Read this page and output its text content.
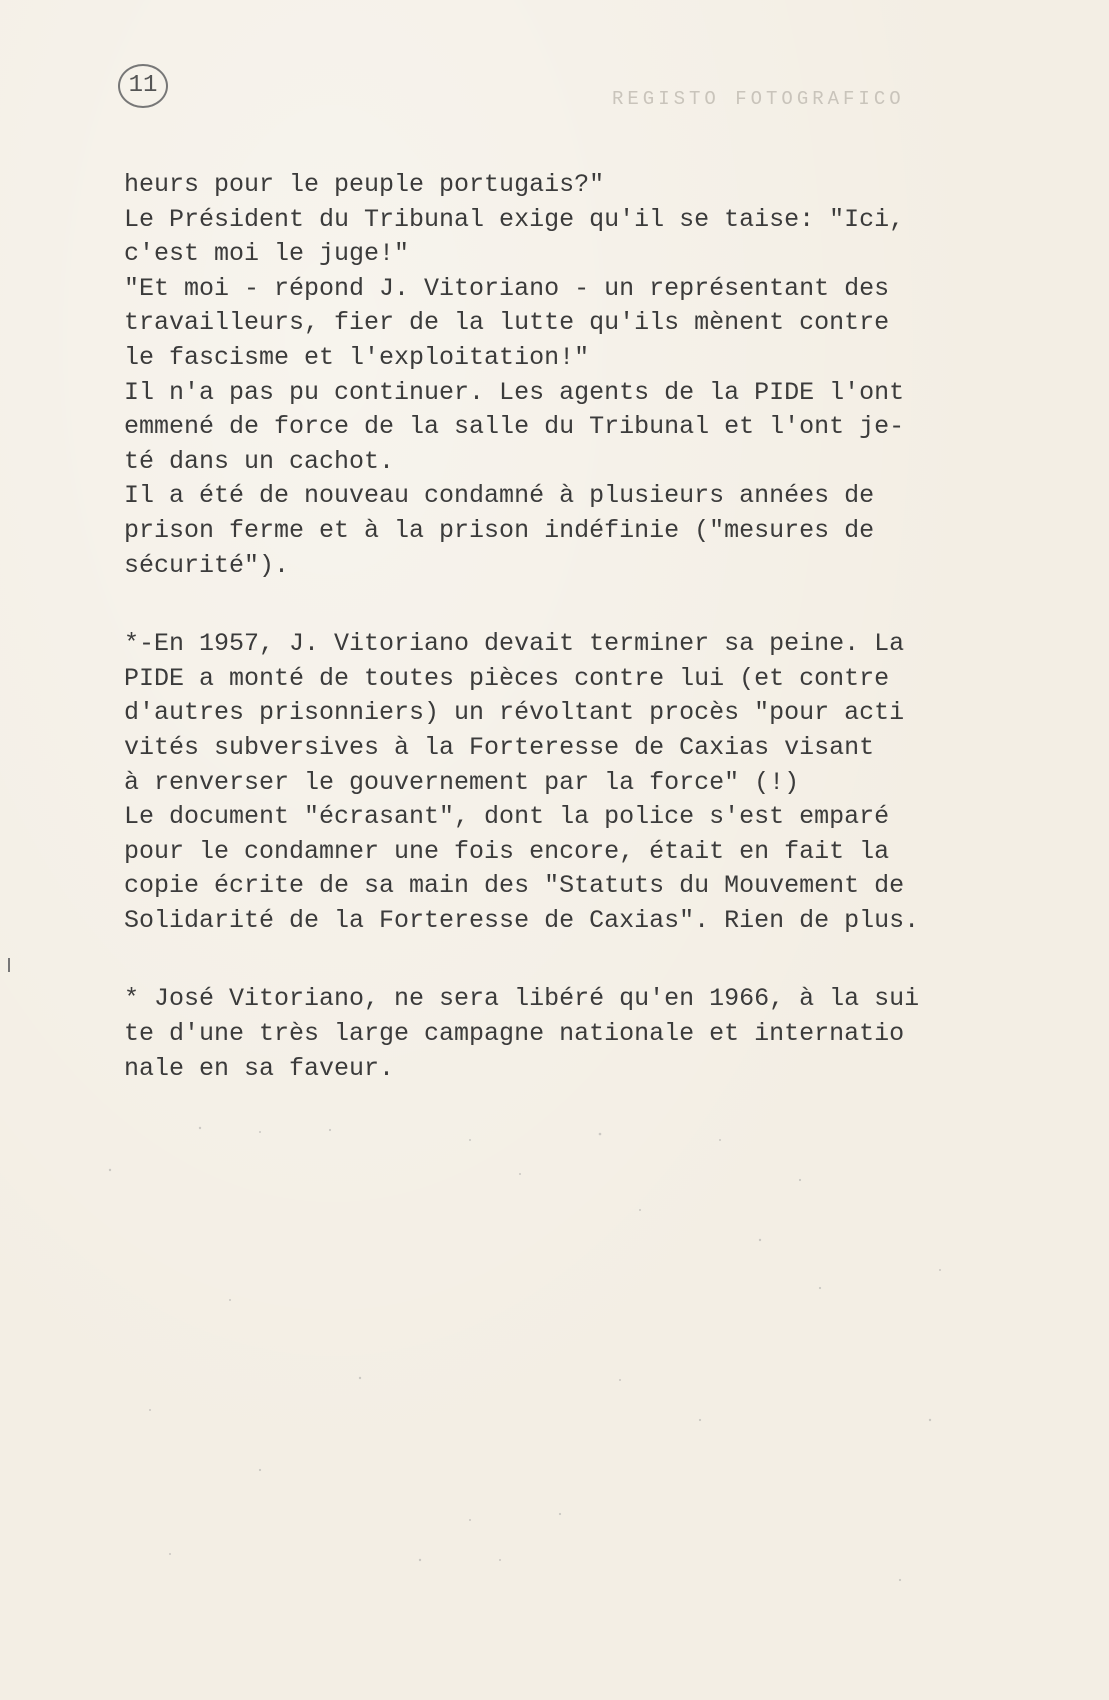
11	REGISTO FOTOGRAFICO
heurs pour le peuple portugais?"
Le Président du Tribunal exige qu'il se taise: "Ici,
c'est moi le juge!"
"Et moi - répond J. Vitoriano - un représentant des
travailleurs, fier de la lutte qu'ils mènent contre
le fascisme et l'exploitation!"
Il n'a pas pu continuer. Les agents de la PIDE l'ont
emmené de force de la salle du Tribunal et l'ont je-
té dans un cachot.
Il a été de nouveau condamné à plusieurs années de
prison ferme et à la prison indéfinie ("mesures de
sécurité").
*-En 1957, J. Vitoriano devait terminer sa peine. La
PIDE a monté de toutes pièces contre lui (et contre
d'autres prisonniers) un révoltant procès "pour acti
vités subversives à la Forteresse de Caxias visant
à renverser le gouvernement par la force" (!)
Le document "écrasant", dont la police s'est emparé
pour le condamner une fois encore, était en fait la
copie écrite de sa main des "Statuts du Mouvement de
Solidarité de la Forteresse de Caxias". Rien de plus.
* José Vitoriano, ne sera libéré qu'en 1966, à la sui
te d'une très large campagne nationale et internatio
nale en sa faveur.
